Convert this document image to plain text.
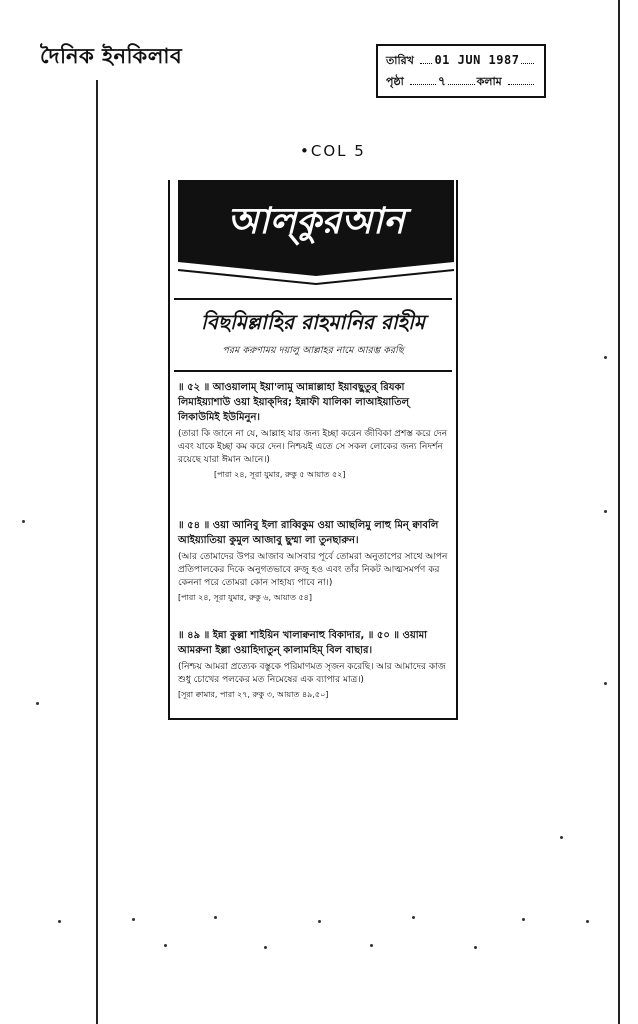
দৈনিক ইনকিলাব	তারিখ 01 JUN 1987
পৃষ্ঠা	৭	কলাম
•COL 5
আল্‌কুরআন
বিছমিল্লাহির রাহমানির রাহীম
পরম করুণাময় দয়ালু আল্লাহর নামে আরম্ভ করছি
॥ ৫২ ॥ আওয়ালাম্‌ ইয়া'লামু আন্নাল্লাহা ইয়াবছুতুর্‌ রিযকা লিমাইয়্যাশাউ ওয়া ইয়াক্‌দির; ইন্নাফী যালিকা লাআইয়াতিল্‌ লিকাউমিই ইউমিনুন।
(তারা কি জানে না যে, আল্লাহ যার জন্য ইচ্ছা করেন জীবিকা প্রশস্ত করে দেন এবং যাকে ইচ্ছা কম করে দেন। নিশ্চয়ই এতে সে সকল লোকের জন্য নিদর্শন রয়েছে যারা ঈমান আনে।)
[পারা ২৪, সূরা যুমার, রুকু ৫ আয়াত ৫২]
॥ ৫৪ ॥ ওয়া আনিবু ইলা রাব্বিকুম ওয়া আছলিমু লাহু মিন্‌ ক্বাবলি আইয়্যাতিয়া কুমুল আজাবু ছুম্মা লা তুনছারুন।
(আর তোমাদের উপর আজাব আসবার পূর্বে তোমরা অনুতাপের সাথে আপন প্রতিপালকের দিকে অনুগতভাবে রুজু হও এবং তাঁর নিকট আত্মসমর্পণ কর কেননা পরে তোমরা কোন সাহায্য পাবে না।)
[পারা ২৪, সূরা যুমার, রুকু ৬, আয়াত ৫৪]
॥ ৪৯ ॥ ইন্না কুল্লা শাইয়িন খালাক্বনাহু বিকাদার, ॥ ৫০ ॥ ওয়ামা আমরুনা ইল্লা ওয়াহিদাতুন্‌ কালামহিম্‌ বিল বাছার।
(নিশ্চয় আমরা প্রত্যেক বস্তুকে পরিমাণমত সৃজন করেছি। আর আমাদের কাজ শুধু চোখের পলকের মত নিমেষের এক ব্যাপার মাত্র।)
[সূরা ক্বামার, পারা ২৭, রুকু ৩, আয়াত ৪৯,৫০]
